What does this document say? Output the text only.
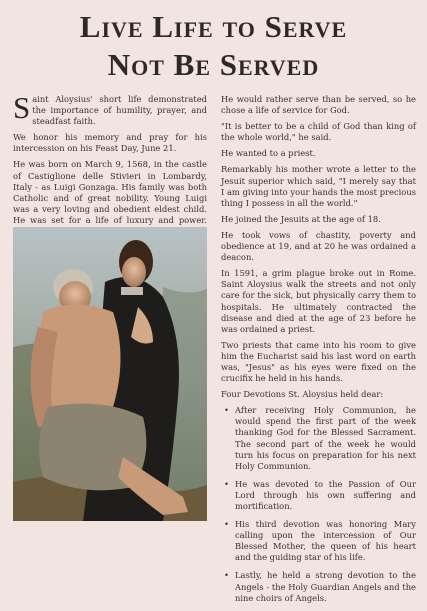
Live Life to Serve
Not Be Served

Saint Aloysius' short life demonstrated the importance of humility, prayer, and steadfast faith.

We honor his memory and pray for his intercession on his Feast Day, June 21.

He was born on March 9, 1568, in the castle of Castiglione delle Stivieri in Lombardy, Italy - as Luigi Gonzaga. His family was both Catholic and of great nobility. Young Luigi was a very loving and obedient eldest child. He was set for a life of luxury and power.

He would rather serve than be served, so he chose a life of service for God.

"It is better to be a child of God than king of the whole world," he said.

He wanted to a priest.

Remarkably his mother wrote a letter to the Jesuit superior which said, "I merely say that I am giving into your hands the most precious thing I possess in all the world."

He joined the Jesuits at the age of 18.

He took vows of chastity, poverty and obedience at 19, and at 20 he was ordained a deacon.

In 1591, a grim plague broke out in Rome. Saint Aloysius walk the streets and not only care for the sick, but physically carry them to hospitals. He ultimately contracted the disease and died at the age of 23 before he was ordained a priest.

Two priests that came into his room to give him the Eucharist said his last word on earth was, "Jesus" as his eyes were fixed on the crucifix he held in his hands.

Four Devotions St. Aloysius held dear:

• After receiving Holy Communion, he would spend the first part of the week thanking God for the Blessed Sacrament. The second part of the week he would turn his focus on preparation for his next Holy Communion.
• He was devoted to the Passion of Our Lord through his own suffering and mortification.
• His third devotion was honoring Mary calling upon the intercession of Our Blessed Mother, the queen of his heart and the guiding star of his life.
• Lastly, he held a strong devotion to the Angels - the Holy Guardian Angels and the nine choirs of Angels.
